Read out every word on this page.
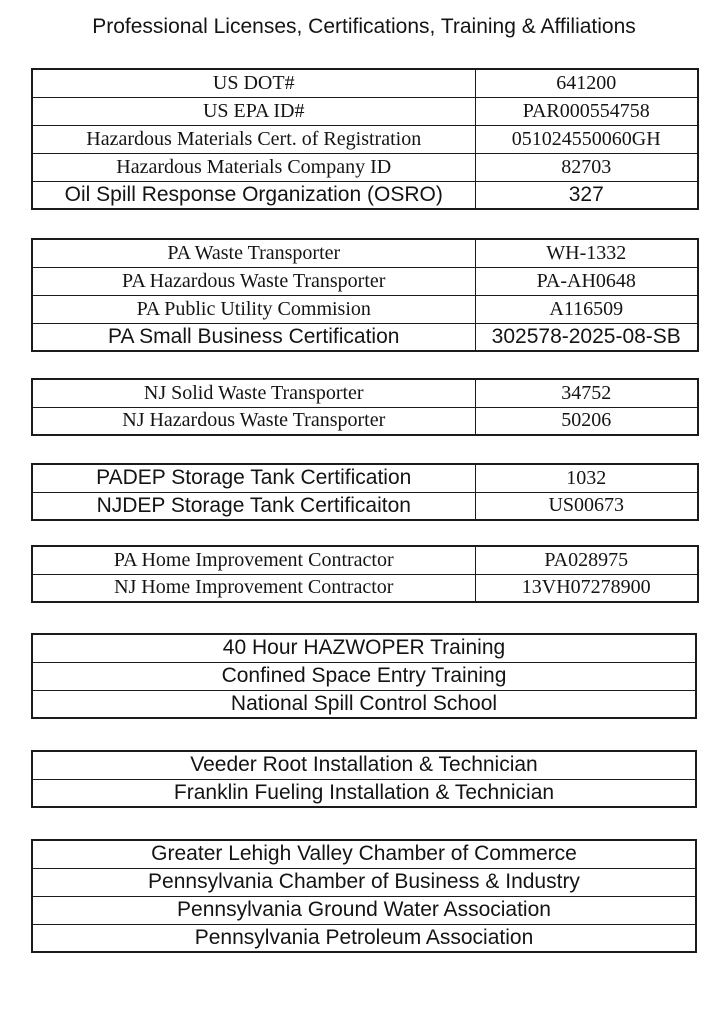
Professional Licenses, Certifications, Training & Affiliations
US DOT#	641200
US EPA ID#	PAR000554758
Hazardous Materials Cert. of Registration	051024550060GH
Hazardous Materials Company ID	82703
Oil Spill Response Organization (OSRO)	327
PA Waste Transporter	WH-1332
PA Hazardous Waste Transporter	PA-AH0648
PA Public Utility Commision	A116509
PA Small Business Certification	302578-2025-08-SB
NJ Solid Waste Transporter	34752
NJ Hazardous Waste Transporter	50206
PADEP Storage Tank Certification	1032
NJDEP Storage Tank Certificaiton	US00673
PA Home Improvement Contractor	PA028975
NJ Home Improvement Contractor	13VH07278900
40 Hour HAZWOPER Training
Confined Space Entry Training
National Spill Control School
Veeder Root Installation & Technician
Franklin Fueling Installation & Technician
Greater Lehigh Valley Chamber of Commerce
Pennsylvania Chamber of Business & Industry
Pennsylvania Ground Water Association
Pennsylvania Petroleum Association
